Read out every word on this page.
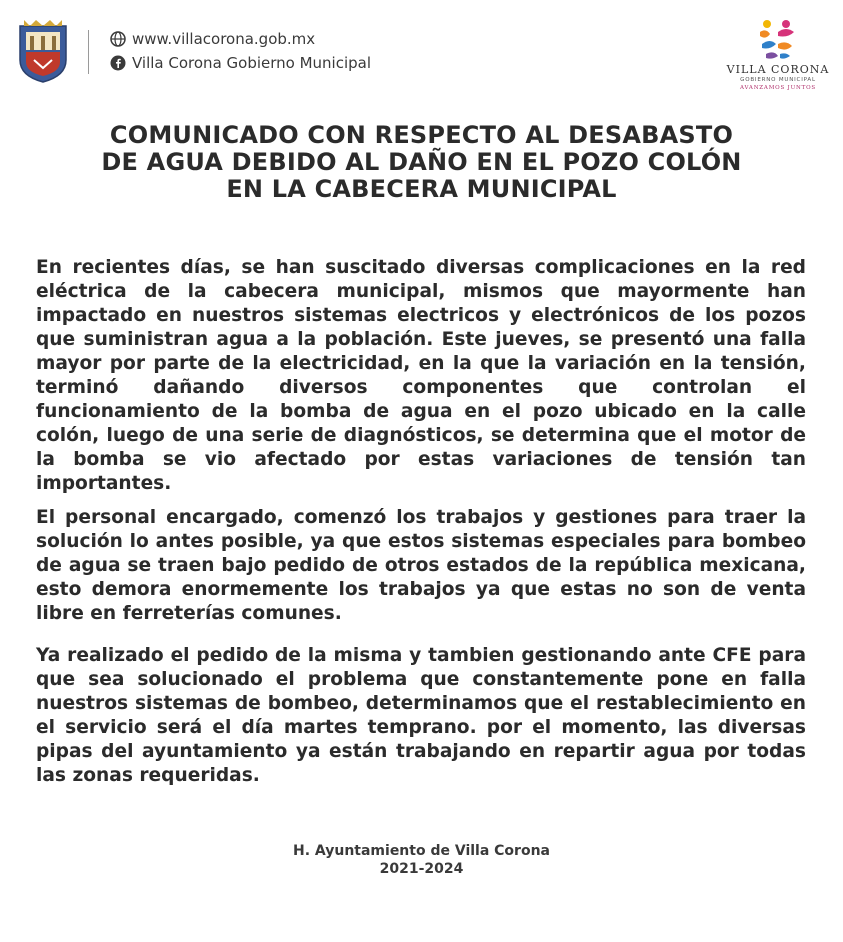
www.villacorona.gob.mx
Villa Corona Gobierno Municipal	VILLA CORONA
GOBIERNO MUNICIPAL
AVANZAMOS JUNTOS
COMUNICADO CON RESPECTO AL DESABASTO
DE AGUA DEBIDO AL DAÑO EN EL POZO COLÓN
EN LA CABECERA MUNICIPAL

En recientes días, se han suscitado diversas complicaciones en la red eléctrica de la cabecera municipal, mismos que mayormente han impactado en nuestros sistemas electricos y electrónicos de los pozos que suministran agua a la población. Este jueves, se presentó una falla mayor por parte de la electricidad, en la que la variación en la tensión, terminó dañando diversos componentes que controlan el funcionamiento de la bomba de agua en el pozo ubicado en la calle colón, luego de una serie de diagnósticos, se determina que el motor de la bomba se vio afectado por estas variaciones de tensión tan importantes.

El personal encargado, comenzó los trabajos y gestiones para traer la solución lo antes posible, ya que estos sistemas especiales para bombeo de agua se traen bajo pedido de otros estados de la república mexicana, esto demora enormemente los trabajos ya que estas no son de venta libre en ferreterías comunes.

Ya realizado el pedido de la misma y tambien gestionando ante CFE para que sea solucionado el problema que constantemente pone en falla nuestros sistemas de bombeo, determinamos que el restablecimiento en el servicio será el día martes temprano. por el momento, las diversas pipas del ayuntamiento ya están trabajando en repartir agua por todas las zonas requeridas.

H. Ayuntamiento de Villa Corona
2021-2024
